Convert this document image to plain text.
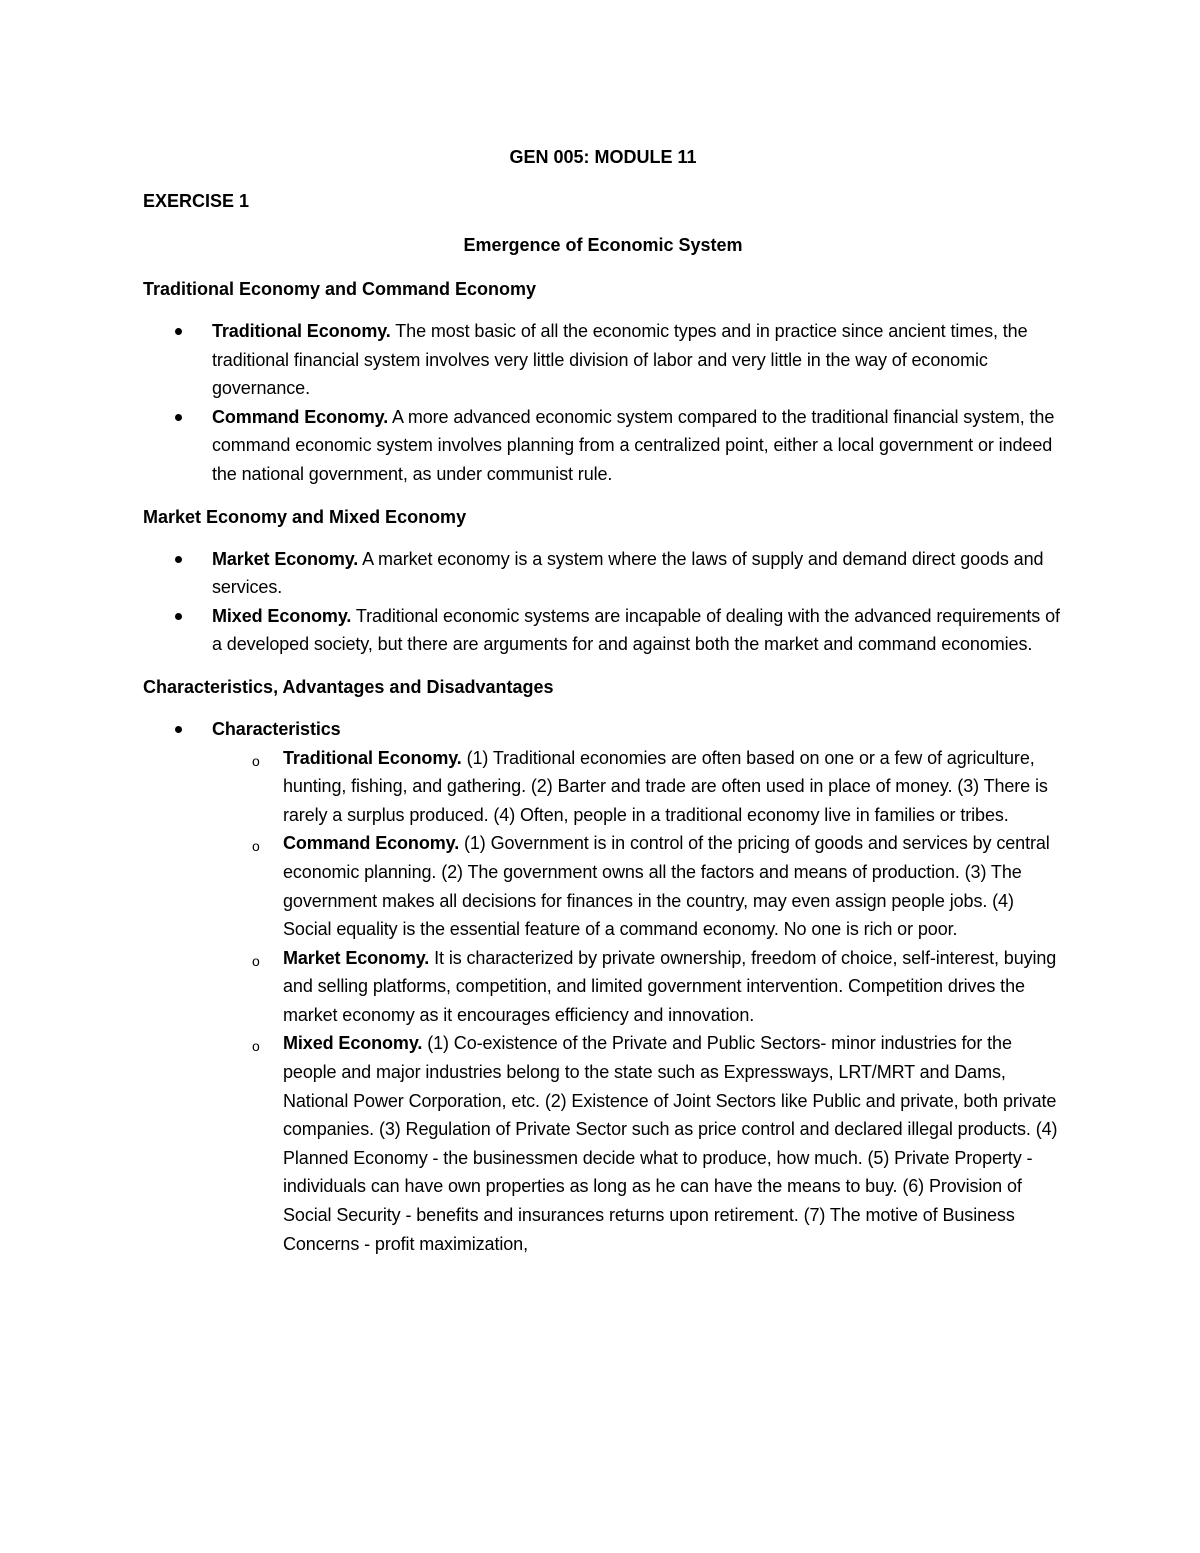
GEN 005: MODULE 11
EXERCISE 1
Emergence of Economic System
Traditional Economy and Command Economy
Traditional Economy. The most basic of all the economic types and in practice since ancient times, the traditional financial system involves very little division of labor and very little in the way of economic governance.
Command Economy. A more advanced economic system compared to the traditional financial system, the command economic system involves planning from a centralized point, either a local government or indeed the national government, as under communist rule.
Market Economy and Mixed Economy
Market Economy. A market economy is a system where the laws of supply and demand direct goods and services.
Mixed Economy. Traditional economic systems are incapable of dealing with the advanced requirements of a developed society, but there are arguments for and against both the market and command economies.
Characteristics, Advantages and Disadvantages
Characteristics
o Traditional Economy. (1) Traditional economies are often based on one or a few of agriculture, hunting, fishing, and gathering. (2) Barter and trade are often used in place of money. (3) There is rarely a surplus produced. (4) Often, people in a traditional economy live in families or tribes.
o Command Economy. (1) Government is in control of the pricing of goods and services by central economic planning. (2) The government owns all the factors and means of production. (3) The government makes all decisions for finances in the country, may even assign people jobs. (4) Social equality is the essential feature of a command economy. No one is rich or poor.
o Market Economy. It is characterized by private ownership, freedom of choice, self-interest, buying and selling platforms, competition, and limited government intervention. Competition drives the market economy as it encourages efficiency and innovation.
o Mixed Economy. (1) Co-existence of the Private and Public Sectors- minor industries for the people and major industries belong to the state such as Expressways, LRT/MRT and Dams, National Power Corporation, etc. (2) Existence of Joint Sectors like Public and private, both private companies. (3) Regulation of Private Sector such as price control and declared illegal products. (4) Planned Economy - the businessmen decide what to produce, how much. (5) Private Property - individuals can have own properties as long as he can have the means to buy. (6) Provision of Social Security - benefits and insurances returns upon retirement. (7) The motive of Business Concerns - profit maximization,
